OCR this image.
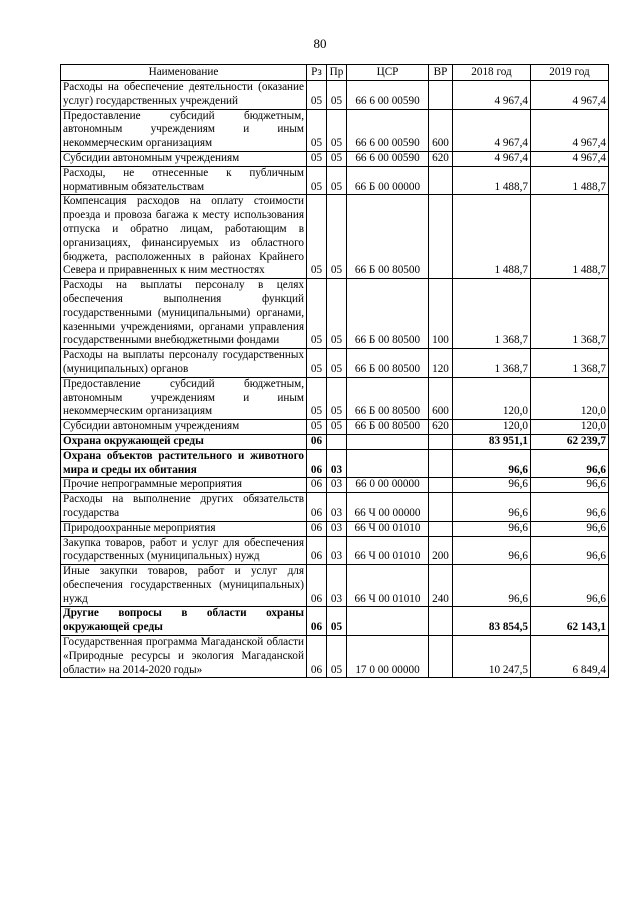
80
Наименование	Рз	Пр	ЦСР	ВР	2018 год	2019 год
Расходы на обеспечение деятельности (оказание услуг) государственных учреждений	05	05	66 6 00 00590		4 967,4	4 967,4
Предоставление субсидий бюджетным, автономным учреждениям и иным некоммерческим организациям	05	05	66 6 00 00590	600	4 967,4	4 967,4
Субсидии автономным учреждениям	05	05	66 6 00 00590	620	4 967,4	4 967,4
Расходы, не отнесенные к публичным нормативным обязательствам	05	05	66 Б 00 00000		1 488,7	1 488,7
Компенсация расходов на оплату стоимости проезда и провоза багажа к месту использования отпуска и обратно лицам, работающим в организациях, финансируемых из областного бюджета, расположенных в районах Крайнего Севера и приравненных к ним местностях	05	05	66 Б 00 80500		1 488,7	1 488,7
Расходы на выплаты персоналу в целях обеспечения выполнения функций государственными (муниципальными) органами, казенными учреждениями, органами управления государственными внебюджетными фондами	05	05	66 Б 00 80500	100	1 368,7	1 368,7
Расходы на выплаты персоналу государственных (муниципальных) органов	05	05	66 Б 00 80500	120	1 368,7	1 368,7
Предоставление субсидий бюджетным, автономным учреждениям и иным некоммерческим организациям	05	05	66 Б 00 80500	600	120,0	120,0
Субсидии автономным учреждениям	05	05	66 Б 00 80500	620	120,0	120,0
Охрана окружающей среды	06				83 951,1	62 239,7
Охрана объектов растительного и животного мира и среды их обитания	06	03			96,6	96,6
Прочие непрограммные мероприятия	06	03	66 0 00 00000		96,6	96,6
Расходы на выполнение других обязательств государства	06	03	66 Ч 00 00000		96,6	96,6
Природоохранные мероприятия	06	03	66 Ч 00 01010		96,6	96,6
Закупка товаров, работ и услуг для обеспечения государственных (муниципальных) нужд	06	03	66 Ч 00 01010	200	96,6	96,6
Иные закупки товаров, работ и услуг для обеспечения государственных (муниципальных) нужд	06	03	66 Ч 00 01010	240	96,6	96,6
Другие вопросы в области охраны окружающей среды	06	05			83 854,5	62 143,1
Государственная программа Магаданской области «Природные ресурсы и экология Магаданской области» на 2014-2020 годы»	06	05	17 0 00 00000		10 247,5	6 849,4
